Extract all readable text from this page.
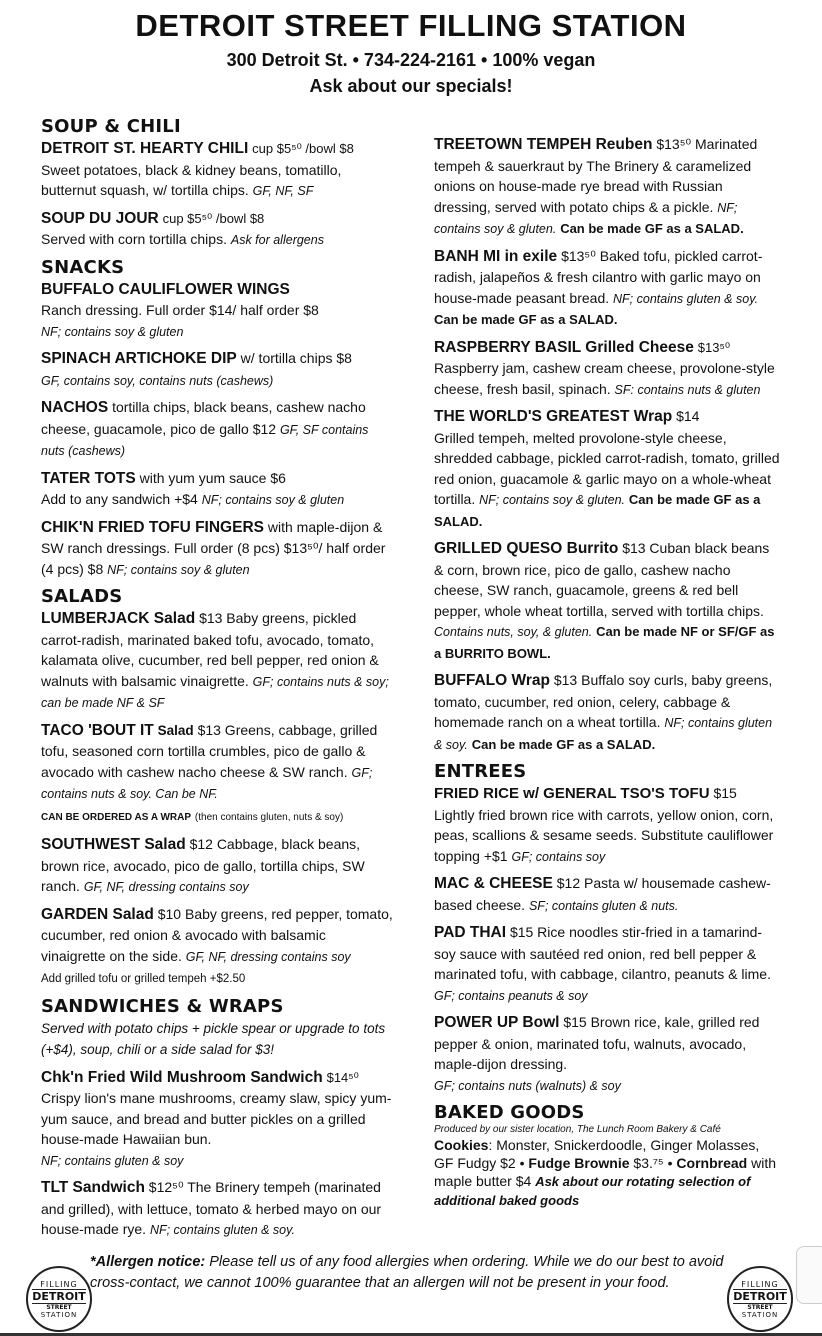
DETROIT STREET FILLING STATION
300 Detroit St. • 734-224-2161 • 100% vegan
Ask about our specials!
SOUP & CHILI
DETROIT ST. HEARTY CHILI cup $5⁵⁰ /bowl $8
Sweet potatoes, black & kidney beans, tomatillo, butternut squash, w/ tortilla chips. GF, NF, SF
SOUP DU JOUR cup $5⁵⁰ /bowl $8
Served with corn tortilla chips. Ask for allergens
SNACKS
BUFFALO CAULIFLOWER WINGS
Ranch dressing. Full order $14/ half order $8
NF; contains soy & gluten
SPINACH ARTICHOKE DIP w/ tortilla chips $8
GF, contains soy, contains nuts (cashews)
NACHOS tortilla chips, black beans, cashew nacho cheese, guacamole, pico de gallo $12 GF, SF contains nuts (cashews)
TATER TOTS with yum yum sauce $6
Add to any sandwich +$4 NF; contains soy & gluten
CHIK'N FRIED TOFU FINGERS with maple-dijon & SW ranch dressings. Full order (8 pcs) $13⁵⁰/ half order (4 pcs) $8 NF; contains soy & gluten
SALADS
LUMBERJACK Salad $13 Baby greens, pickled carrot-radish, marinated baked tofu, avocado, tomato, kalamata olive, cucumber, red bell pepper, red onion & walnuts with balsamic vinaigrette. GF; contains nuts & soy; can be made NF & SF
TACO 'BOUT IT Salad $13 Greens, cabbage, grilled tofu, seasoned corn tortilla crumbles, pico de gallo & avocado with cashew nacho cheese & SW ranch. GF; contains nuts & soy. Can be NF.
CAN BE ORDERED AS A WRAP (then contains gluten, nuts & soy)
SOUTHWEST Salad $12 Cabbage, black beans, brown rice, avocado, pico de gallo, tortilla chips, SW ranch. GF, NF, dressing contains soy
GARDEN Salad $10 Baby greens, red pepper, tomato, cucumber, red onion & avocado with balsamic vinaigrette on the side. GF, NF, dressing contains soy
Add grilled tofu or grilled tempeh +$2.50
SANDWICHES & WRAPS
Served with potato chips + pickle spear or upgrade to tots (+$4), soup, chili or a side salad for $3!
Chk'n Fried Wild Mushroom Sandwich $14⁵⁰
Crispy lion's mane mushrooms, creamy slaw, spicy yum-yum sauce, and bread and butter pickles on a grilled house-made Hawaiian bun.
NF; contains gluten & soy
TLT Sandwich $12⁵⁰ The Brinery tempeh (marinated and grilled), with lettuce, tomato & herbed mayo on our house-made rye. NF; contains gluten & soy.
TREETOWN TEMPEH Reuben $13⁵⁰ Marinated tempeh & sauerkraut by The Brinery & caramelized onions on house-made rye bread with Russian dressing, served with potato chips & a pickle. NF; contains soy & gluten. Can be made GF as a SALAD.
BANH MI in exile $13⁵⁰ Baked tofu, pickled carrot-radish, jalapeños & fresh cilantro with garlic mayo on house-made peasant bread. NF; contains gluten & soy. Can be made GF as a SALAD.
RASPBERRY BASIL Grilled Cheese $13⁵⁰
Raspberry jam, cashew cream cheese, provolone-style cheese, fresh basil, spinach. SF: contains nuts & gluten
THE WORLD'S GREATEST Wrap $14
Grilled tempeh, melted provolone-style cheese, shredded cabbage, pickled carrot-radish, tomato, grilled red onion, guacamole & garlic mayo on a whole-wheat tortilla. NF; contains soy & gluten. Can be made GF as a SALAD.
GRILLED QUESO Burrito $13 Cuban black beans & corn, brown rice, pico de gallo, cashew nacho cheese, SW ranch, guacamole, greens & red bell pepper, whole wheat tortilla, served with tortilla chips. Contains nuts, soy, & gluten. Can be made NF or SF/GF as a BURRITO BOWL.
BUFFALO Wrap $13 Buffalo soy curls, baby greens, tomato, cucumber, red onion, celery, cabbage & homemade ranch on a wheat tortilla. NF; contains gluten & soy. Can be made GF as a SALAD.
ENTREES
FRIED RICE w/ GENERAL TSO'S TOFU $15
Lightly fried brown rice with carrots, yellow onion, corn, peas, scallions & sesame seeds. Substitute cauliflower topping +$1 GF; contains soy
MAC & CHEESE $12 Pasta w/ housemade cashew-based cheese. SF; contains gluten & nuts.
PAD THAI $15 Rice noodles stir-fried in a tamarind-soy sauce with sautéed red onion, red bell pepper & marinated tofu, with cabbage, cilantro, peanuts & lime. GF; contains peanuts & soy
POWER UP Bowl $15 Brown rice, kale, grilled red pepper & onion, marinated tofu, walnuts, avocado, maple-dijon dressing.
GF; contains nuts (walnuts) & soy
BAKED GOODS
Produced by our sister location, The Lunch Room Bakery & Café
Cookies: Monster, Snickerdoodle, Ginger Molasses, GF Fudgy $2 • Fudge Brownie $3.⁷⁵ • Cornbread with maple butter $4 Ask about our rotating selection of additional baked goods
*Allergen notice: Please tell us of any food allergies when ordering. While we do our best to avoid cross-contact, we cannot 100% guarantee that an allergen will not be present in your food.
FILLING
DETROIT
STREET
STATION
FILLING
DETROIT
STREET
STATION
